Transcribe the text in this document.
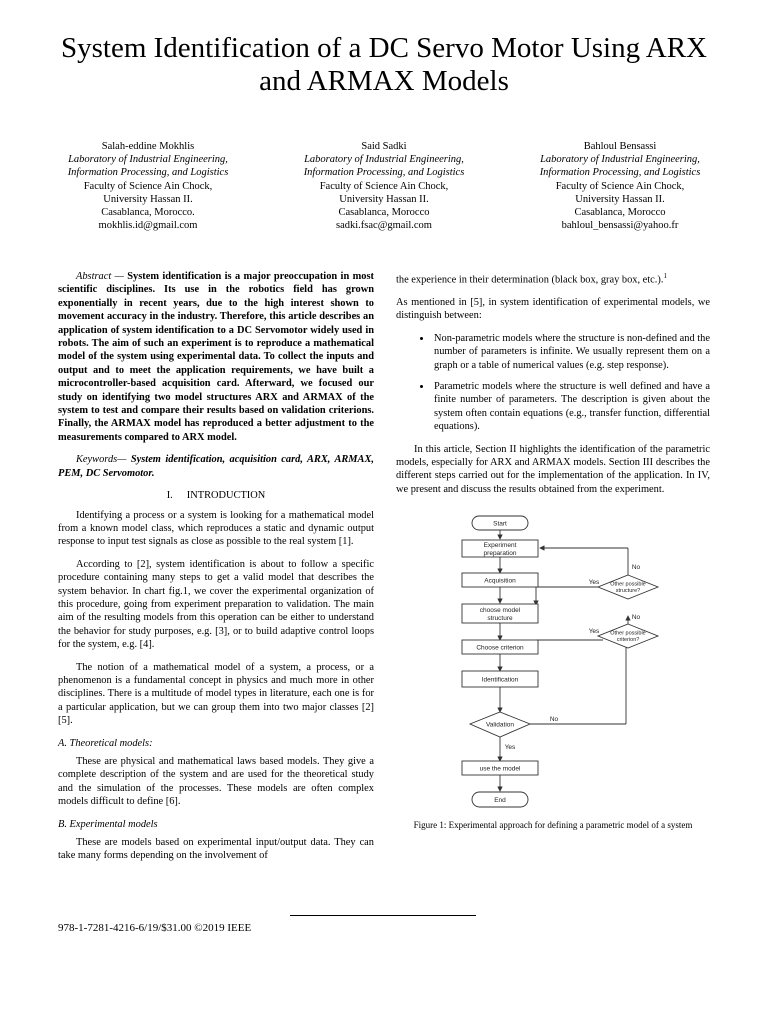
System Identification of a DC Servo Motor Using ARX and ARMAX Models
Salah-eddine Mokhlis
Laboratory of Industrial Engineering,
Information Processing, and Logistics
Faculty of Science Ain Chock,
University Hassan II.
Casablanca, Morocco.
mokhlis.id@gmail.com
Said Sadki
Laboratory of Industrial Engineering,
Information Processing, and Logistics
Faculty of Science Ain Chock,
University Hassan II.
Casablanca, Morocco
sadki.fsac@gmail.com
Bahloul Bensassi
Laboratory of Industrial Engineering,
Information Processing, and Logistics
Faculty of Science Ain Chock,
University Hassan II.
Casablanca, Morocco
bahloul_bensassi@yahoo.fr

Abstract — System identification is a major preoccupation in most scientific disciplines. Its use in the robotics field has grown exponentially in recent years, due to the high interest shown to movement accuracy in the industry. Therefore, this article describes an application of system identification to a DC Servomotor widely used in robots. The aim of such an experiment is to reproduce a mathematical model of the system using experimental data. To collect the inputs and output and to meet the application requirements, we have built a microcontroller-based acquisition card. Afterward, we focused our study on identifying two model structures ARX and ARMAX of the system to test and compare their results based on validation criterions. Finally, the ARMAX model has reproduced a better adjustment to the measurements compared to ARX model.

Keywords— System identification, acquisition card, ARX, ARMAX, PEM, DC Servomotor.

I. INTRODUCTION

Identifying a process or a system is looking for a mathematical model from a known model class, which reproduces a static and dynamic output response to input test signals as close as possible to the real system [1].

According to [2], system identification is about to follow a specific procedure containing many steps to get a valid model that describes the system behavior. In chart fig.1, we cover the experimental organization of this procedure, going from experiment preparation to validation. The main aim of the resulting models from this operation can be either to understand the behavior for study purposes, e.g. [3], or to build adaptive control loops for the system, e.g. [4].

The notion of a mathematical model of a system, a process, or a phenomenon is a fundamental concept in physics and much more in other disciplines. There is a multitude of model types in literature, each one is for a particular application, but we can group them into two major classes [2] [5].

A. Theoretical models:

These are physical and mathematical laws based models. They give a complete description of the system and are used for the theoretical study and the simulation of the processes. These models are often complex models difficult to define [6].

B. Experimental models

These are models based on experimental input/output data. They can take many forms depending on the involvement of

the experience in their determination (black box, gray box, etc.).$^1$

As mentioned in [5], in system identification of experimental models, we distinguish between:

• Non-parametric models where the structure is non-defined and the number of parameters is infinite. We usually represent them on a graph or a table of numerical values (e.g. step response).
• Parametric models where the structure is well defined and have a finite number of parameters. The description is given about the system often contain equations (e.g., transfer function, differential equations).

In this article, Section II highlights the identification of the parametric models, especially for ARX and ARMAX models. Section III describes the different steps carried out for the implementation of the application. In IV, we present and discuss the results obtained from the experiment.

Start
Experiment
preparation
Acquisition
choose model
structure
Choose criterion
Identification
Validation
use the model
End
Other possible
structure?
Other possible
criterion?
Yes
Yes
Yes
No
No
No
Figure 1: Experimental approach for defining a parametric model of a system
978-1-7281-4216-6/19/$31.00 ©2019 IEEE
